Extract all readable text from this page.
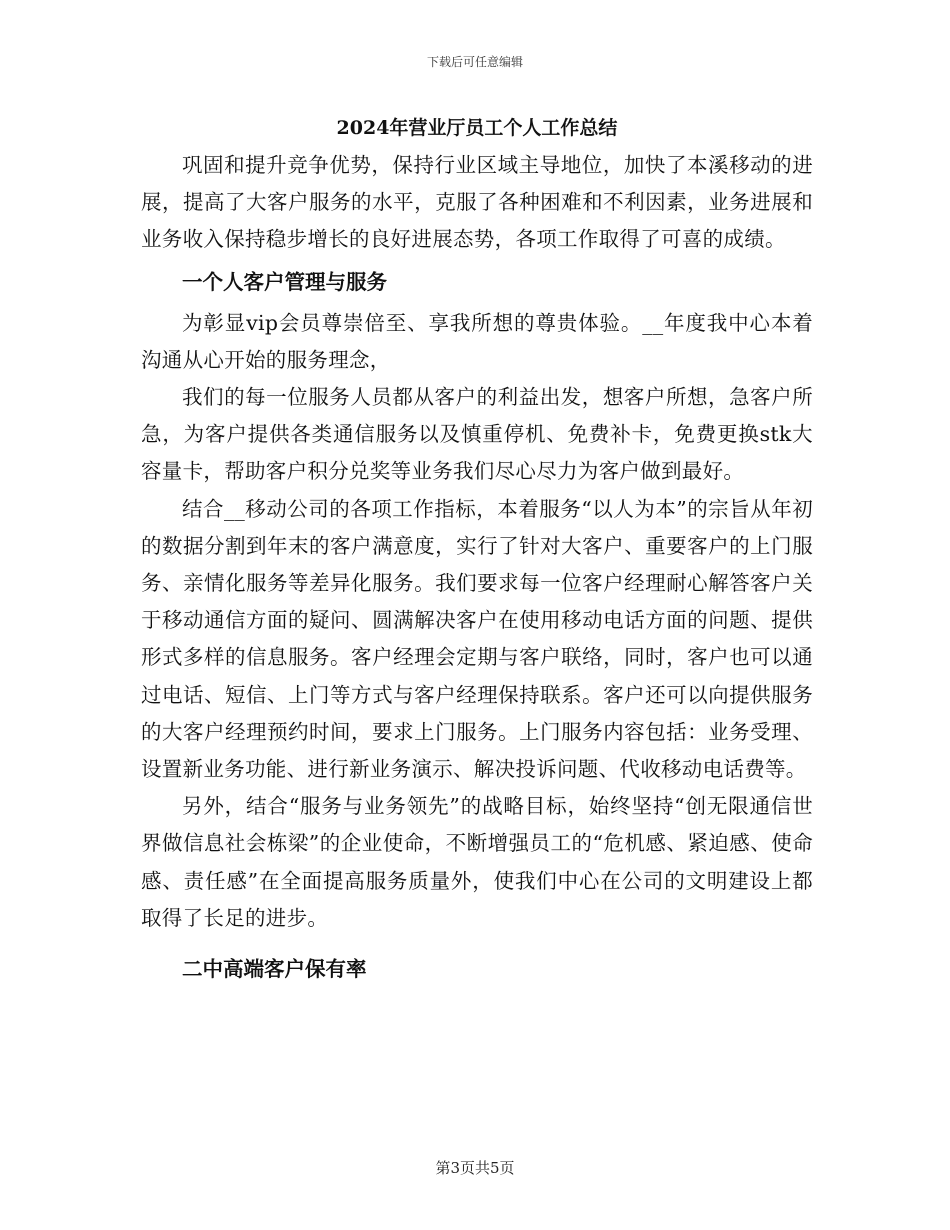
下载后可任意编辑
2024年营业厅员工个人工作总结

巩固和提升竞争优势，保持行业区域主导地位，加快了本溪移动的进展，提高了大客户服务的水平，克服了各种困难和不利因素，业务进展和业务收入保持稳步增长的良好进展态势，各项工作取得了可喜的成绩。

一个人客户管理与服务

为彰显vip会员尊崇倍至、享我所想的尊贵体验。__年度我中心本着沟通从心开始的服务理念，

我们的每一位服务人员都从客户的利益出发，想客户所想，急客户所急，为客户提供各类通信服务以及慎重停机、免费补卡，免费更换stk大容量卡，帮助客户积分兑奖等业务我们尽心尽力为客户做到最好。

结合__移动公司的各项工作指标，本着服务“以人为本”的宗旨从年初的数据分割到年末的客户满意度，实行了针对大客户、重要客户的上门服务、亲情化服务等差异化服务。我们要求每一位客户经理耐心解答客户关于移动通信方面的疑问、圆满解决客户在使用移动电话方面的问题、提供形式多样的信息服务。客户经理会定期与客户联络，同时，客户也可以通过电话、短信、上门等方式与客户经理保持联系。客户还可以向提供服务的大客户经理预约时间，要求上门服务。上门服务内容包括：业务受理、设置新业务功能、进行新业务演示、解决投诉问题、代收移动电话费等。

另外，结合“服务与业务领先”的战略目标，始终坚持“创无限通信世界做信息社会栋梁”的企业使命，不断增强员工的“危机感、紧迫感、使命感、责任感”在全面提高服务质量外，使我们中心在公司的文明建设上都取得了长足的进步。

二中高端客户保有率
第3页共5页
